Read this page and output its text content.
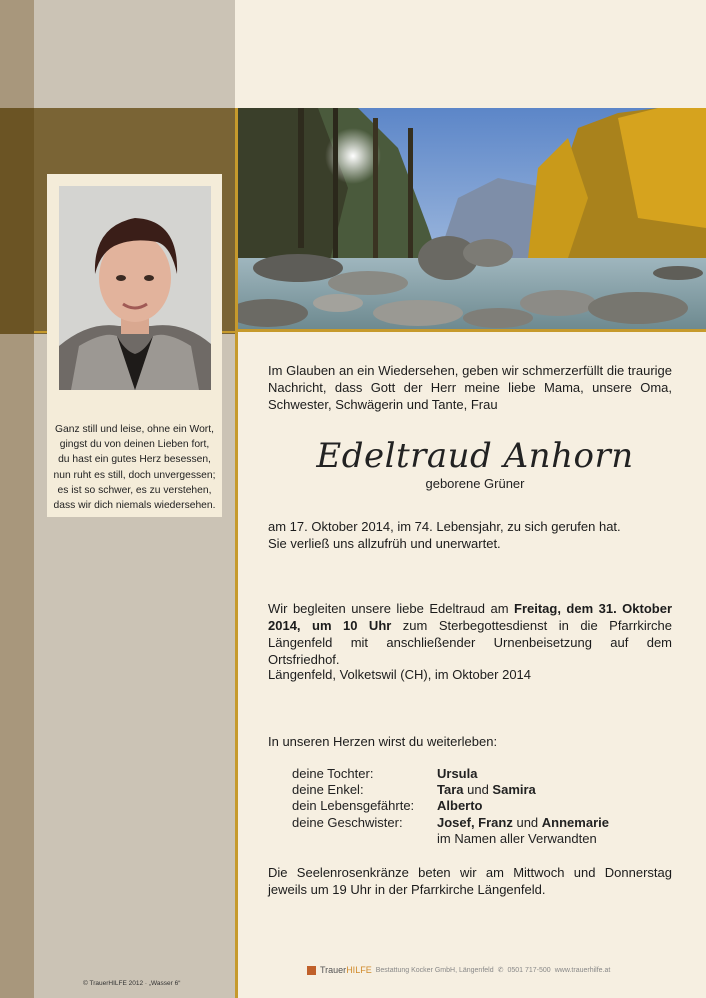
Ganz still und leise, ohne ein Wort,
gingst du von deinen Lieben fort,
du hast ein gutes Herz besessen,
nun ruht es still, doch unvergessen;
es ist so schwer, es zu verstehen,
dass wir dich niemals wiedersehen.
Im Glauben an ein Wiedersehen, geben wir schmerzerfüllt die traurige Nachricht, dass Gott der Herr meine liebe Mama, unsere Oma, Schwester, Schwägerin und Tante, Frau
Edeltraud Anhorn
geborene Grüner
am 17. Oktober 2014, im 74. Lebensjahr, zu sich gerufen hat.
Sie verließ uns allzufrüh und unerwartet.
Wir begleiten unsere liebe Edeltraud am Freitag, dem 31. Oktober 2014, um 10 Uhr zum Sterbegottesdienst in die Pfarrkirche Längenfeld mit anschließender Urnenbeisetzung auf dem Ortsfriedhof.
Längenfeld, Volketswil (CH), im Oktober 2014
In unseren Herzen wirst du weiterleben:
deine Tochter:	Ursula
deine Enkel:	Tara und Samira
dein Lebensgefährte:	Alberto
deine Geschwister:	Josef, Franz und Annemarie
im Namen aller Verwandten
Die Seelenrosenkränze beten wir am Mittwoch und Donnerstag jeweils um 19 Uhr in der Pfarrkirche Längenfeld.
TrauerHILFE Bestattung Kocker GmbH, Längenfeld ✆ 0501 717-500 www.trauerhilfe.at
© TrauerHILFE 2012 · „Wasser 6“
